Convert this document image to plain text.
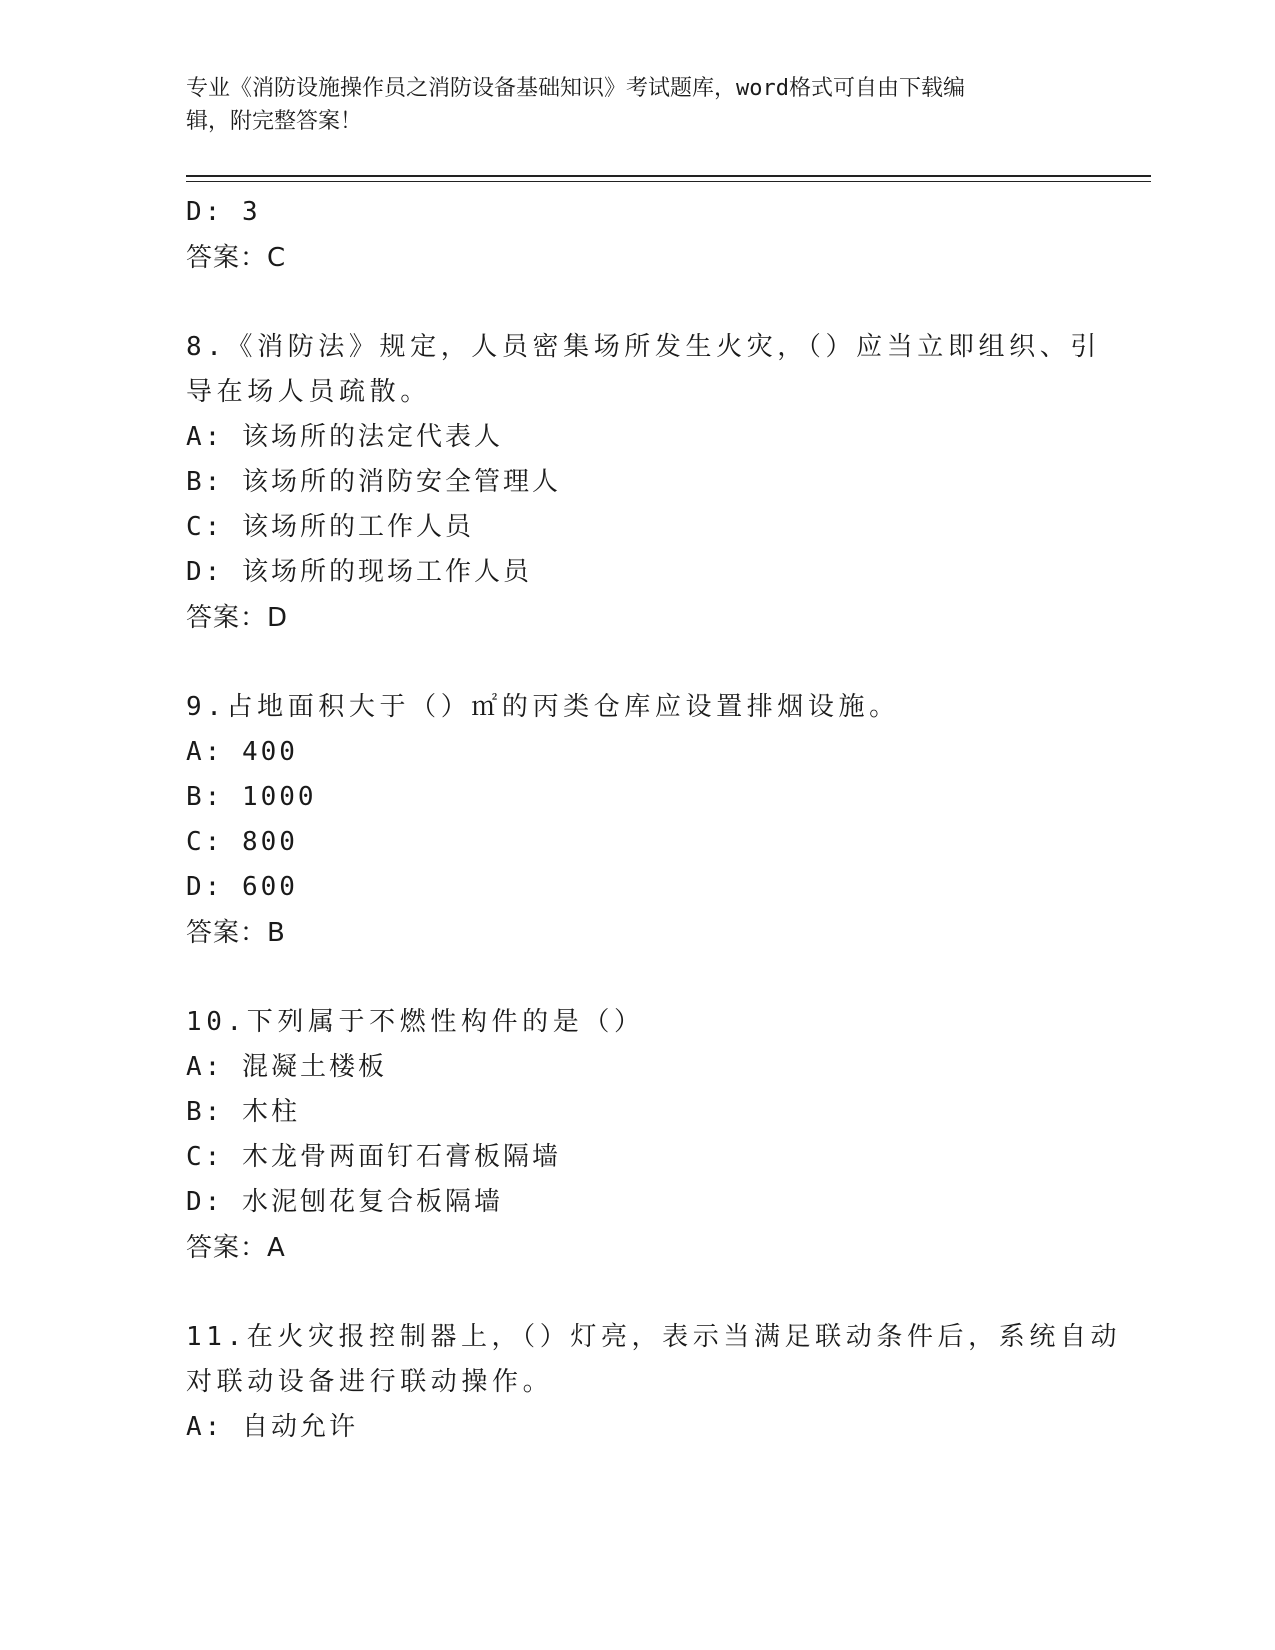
专业《消防设施操作员之消防设备基础知识》考试题库，word格式可自由下载编
辑，附完整答案！
D: 3
答案：C
8.《消防法》规定，人员密集场所发生火灾，（）应当立即组织、引
导在场人员疏散。
A: 该场所的法定代表人
B: 该场所的消防安全管理人
C: 该场所的工作人员
D: 该场所的现场工作人员
答案：D
9.占地面积大于（）㎡的丙类仓库应设置排烟设施。
A: 400
B: 1000
C: 800
D: 600
答案：B
10.下列属于不燃性构件的是（）
A: 混凝土楼板
B: 木柱
C: 木龙骨两面钉石膏板隔墙
D: 水泥刨花复合板隔墙
答案：A
11.在火灾报控制器上，（）灯亮，表示当满足联动条件后，系统自动
对联动设备进行联动操作。
A: 自动允许
